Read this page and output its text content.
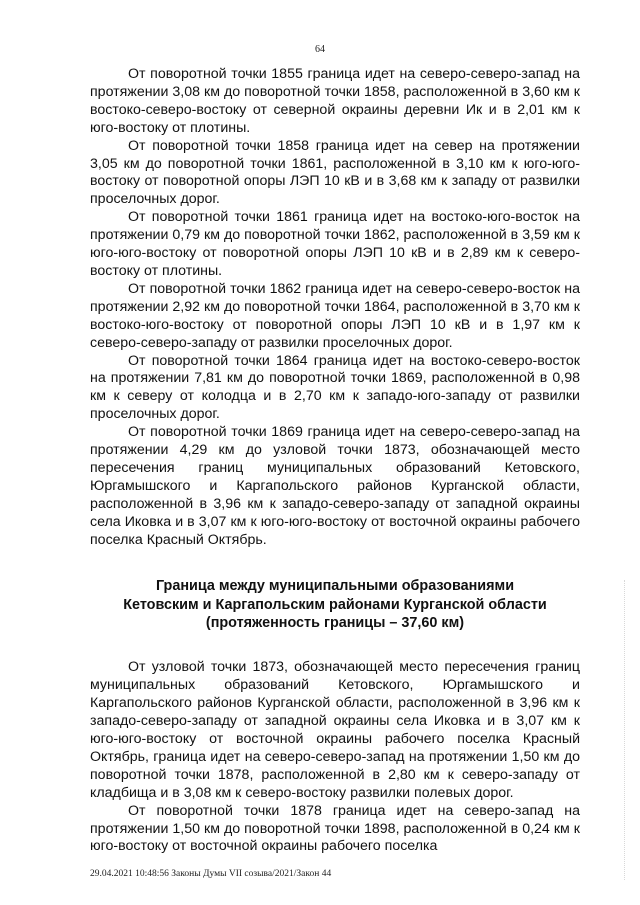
64

От поворотной точки 1855 граница идет на северо-северо-запад на протяжении 3,08 км до поворотной точки 1858, расположенной в 3,60 км к востоко-северо-востоку от северной окраины деревни Ик и в 2,01 км к юго-востоку от плотины.

От поворотной точки 1858 граница идет на север на протяжении 3,05 км до поворотной точки 1861, расположенной в 3,10 км к юго-юго-востоку от поворотной опоры ЛЭП 10 кВ и в 3,68 км к западу от развилки проселочных дорог.

От поворотной точки 1861 граница идет на востоко-юго-восток на протяжении 0,79 км до поворотной точки 1862, расположенной в 3,59 км к юго-юго-востоку от поворотной опоры ЛЭП 10 кВ и в 2,89 км к северо-востоку от плотины.

От поворотной точки 1862 граница идет на северо-северо-восток на протяжении 2,92 км до поворотной точки 1864, расположенной в 3,70 км к востоко-юго-востоку от поворотной опоры ЛЭП 10 кВ и в 1,97 км к северо-северо-западу от развилки проселочных дорог.

От поворотной точки 1864 граница идет на востоко-северо-восток на протяжении 7,81 км до поворотной точки 1869, расположенной в 0,98 км к северу от колодца и в 2,70 км к западо-юго-западу от развилки проселочных дорог.

От поворотной точки 1869 граница идет на северо-северо-запад на протяжении 4,29 км до узловой точки 1873, обозначающей место пересечения границ муниципальных образований Кетовского, Юргамышского и Каргапольского районов Курганской области, расположенной в 3,96 км к западо-северо-западу от западной окраины села Иковка и в 3,07 км к юго-юго-востоку от восточной окраины рабочего поселка Красный Октябрь.

Граница между муниципальными образованиями
Кетовским и Каргапольским районами Курганской области
(протяженность границы – 37,60 км)

От узловой точки 1873, обозначающей место пересечения границ муниципальных образований Кетовского, Юргамышского и Каргапольского районов Курганской области, расположенной в 3,96 км к западо-северо-западу от западной окраины села Иковка и в 3,07 км к юго-юго-востоку от восточной окраины рабочего поселка Красный Октябрь, граница идет на северо-северо-запад на протяжении 1,50 км до поворотной точки 1878, расположенной в 2,80 км к северо-западу от кладбища и в 3,08 км к северо-востоку развилки полевых дорог.

От поворотной точки 1878 граница идет на северо-запад на протяжении 1,50 км до поворотной точки 1898, расположенной в 0,24 км к юго-востоку от восточной окраины рабочего поселка

29.04.2021 10:48:56 Законы Думы VII созыва/2021/Закон 44
